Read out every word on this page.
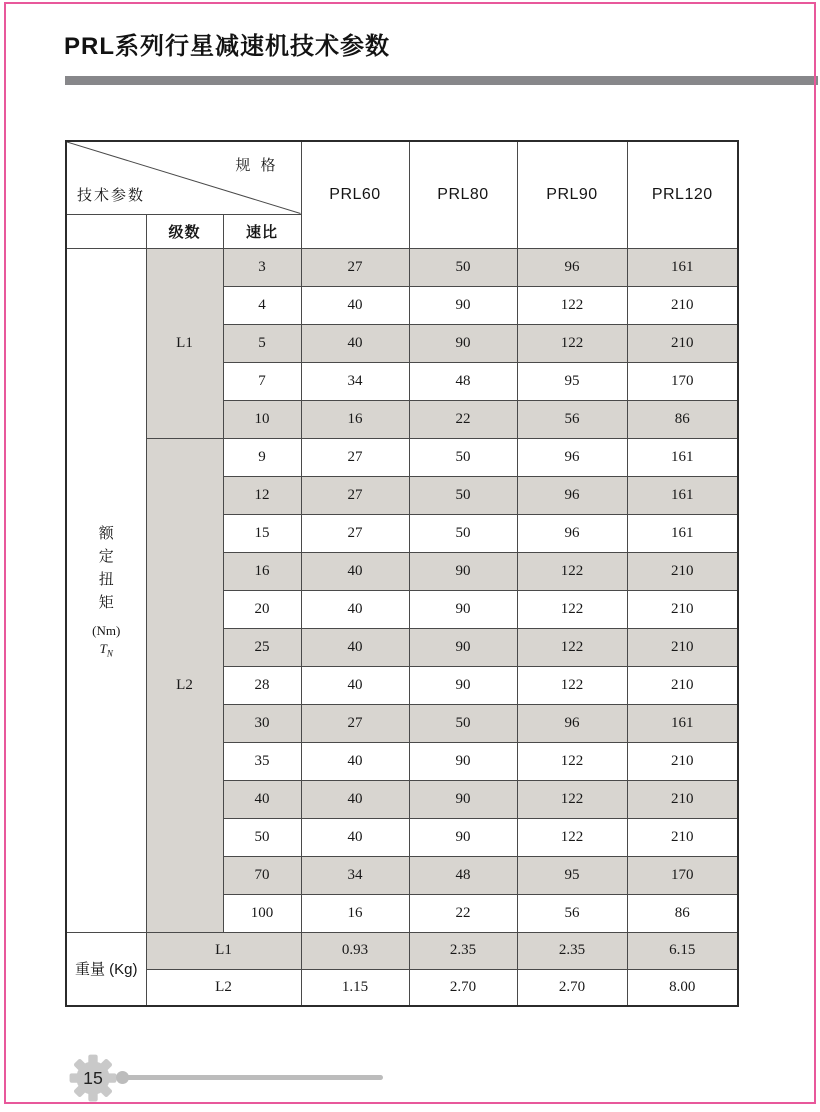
PRL系列行星减速机技术参数
规 格
技术参数			PRL60	PRL80	PRL90	PRL120
	级数	速比				

额定扭矩
(Nm)
$T_N$	L1	3	27	50	96	161
		4	40	90	122	210
		5	40	90	122	210
		7	34	48	95	170
		10	16	22	56	86
	L2	9	27	50	96	161
		12	27	50	96	161
		15	27	50	96	161
		16	40	90	122	210
		20	40	90	122	210
		25	40	90	122	210
		28	40	90	122	210
		30	27	50	96	161
		35	40	90	122	210
		40	40	90	122	210
		50	40	90	122	210
		70	34	48	95	170
		100	16	22	56	86
重量 (Kg)	L1		0.93	2.35	2.35	6.15
	L2		1.15	2.70	2.70	8.00
15
